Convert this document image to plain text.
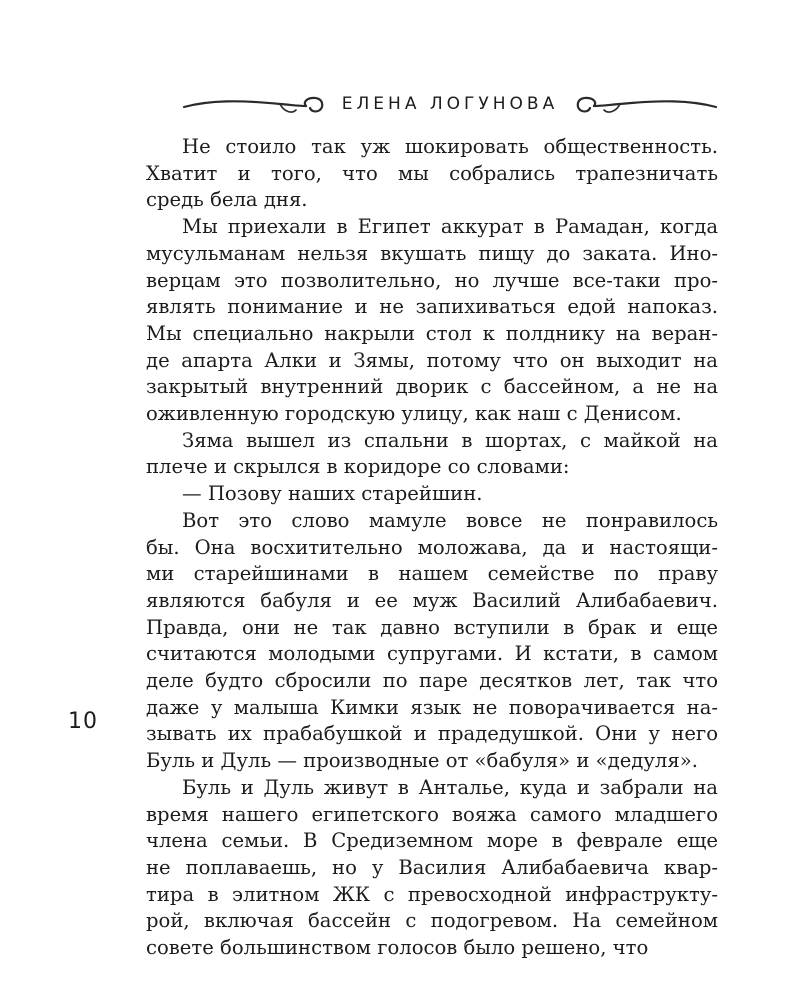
ЕЛЕНА ЛОГУНОВА

Не стоило так уж шокировать общественность.

Хватит и того, что мы собрались трапезничать

средь бела дня.

Мы приехали в Египет аккурат в Рамадан, когда

мусульманам нельзя вкушать пищу до заката. Ино-

верцам это позволительно, но лучше все-таки про-

являть понимание и не запихиваться едой напоказ.

Мы специально накрыли стол к полднику на веран-

де апарта Алки и Зямы, потому что он выходит на

закрытый внутренний дворик с бассейном, а не на

оживленную городскую улицу, как наш с Денисом.

Зяма вышел из спальни в шортах, с майкой на

плече и скрылся в коридоре со словами:

— Позову наших старейшин.

Вот это слово мамуле вовсе не понравилось

бы. Она восхитительно моложава, да и настоящи-

ми старейшинами в нашем семействе по праву

являются бабуля и ее муж Василий Алибабаевич.

Правда, они не так давно вступили в брак и еще

считаются молодыми супругами. И кстати, в самом

деле будто сбросили по паре десятков лет, так что

даже у малыша Кимки язык не поворачивается на-

зывать их прабабушкой и прадедушкой. Они у него

Буль и Дуль — производные от «бабуля» и «дедуля».

Буль и Дуль живут в Анталье, куда и забрали на

время нашего египетского вояжа самого младшего

члена семьи. В Средиземном море в феврале еще

не поплаваешь, но у Василия Алибабаевича квар-

тира в элитном ЖК с превосходной инфраструкту-

рой, включая бассейн с подогревом. На семейном

совете большинством голосов было решено, что

10
